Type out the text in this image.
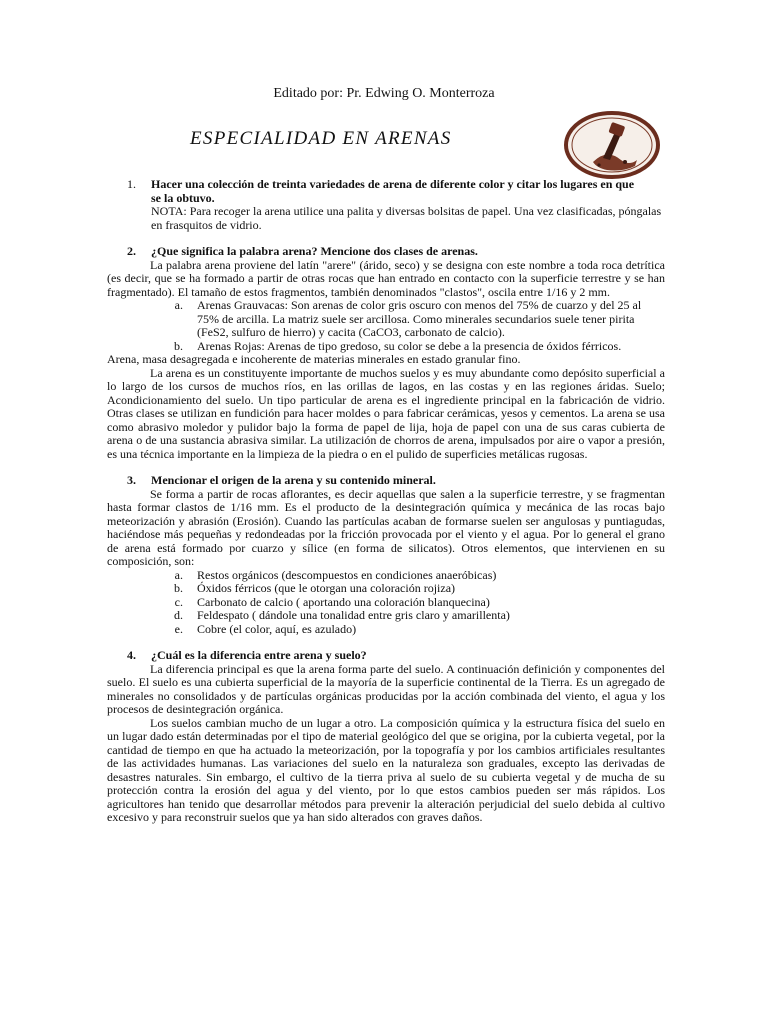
Editado por: Pr. Edwing O. Monterroza
ESPECIALIDAD EN ARENAS
1.	Hacer una colección de treinta variedades de arena de diferente color y citar los lugares en que se la obtuvo.
NOTA: Para recoger la arena utilice una palita y diversas bolsitas de papel. Una vez clasificadas, póngalas en frasquitos de vidrio.
2.	¿Que significa la palabra arena? Mencione dos clases de arenas.
La palabra arena proviene del latín "arere" (árido, seco) y se designa con este nombre a toda roca detrítica (es decir, que se ha formado a partir de otras rocas que han entrado en contacto con la superficie terrestre y se han fragmentado). El tamaño de estos fragmentos, también denominados "clastos", oscila entre 1/16 y 2 mm.
a.	Arenas Grauvacas: Son arenas de color gris oscuro con menos del 75% de cuarzo y del 25 al 75% de arcilla. La matriz suele ser arcillosa. Como minerales secundarios suele tener pirita (FeS2, sulfuro de hierro) y cacita (CaCO3, carbonato de calcio).
b.	Arenas Rojas: Arenas de tipo gredoso, su color se debe a la presencia de óxidos férricos.
Arena, masa desagregada e incoherente de materias minerales en estado granular fino.
La arena es un constituyente importante de muchos suelos y es muy abundante como depósito superficial a lo largo de los cursos de muchos ríos, en las orillas de lagos, en las costas y en las regiones áridas. Suelo; Acondicionamiento del suelo. Un tipo particular de arena es el ingrediente principal en la fabricación de vidrio. Otras clases se utilizan en fundición para hacer moldes o para fabricar cerámicas, yesos y cementos. La arena se usa como abrasivo moledor y pulidor bajo la forma de papel de lija, hoja de papel con una de sus caras cubierta de arena o de una sustancia abrasiva similar. La utilización de chorros de arena, impulsados por aire o vapor a presión, es una técnica importante en la limpieza de la piedra o en el pulido de superficies metálicas rugosas.
3.	Mencionar el origen de la arena y su contenido mineral.
Se forma a partir de rocas aflorantes, es decir aquellas que salen a la superficie terrestre, y se fragmentan hasta formar clastos de 1/16 mm. Es el producto de la desintegración química y mecánica de las rocas bajo meteorización y abrasión (Erosión). Cuando las partículas acaban de formarse suelen ser angulosas y puntiagudas, haciéndose más pequeñas y redondeadas por la fricción provocada por el viento y el agua. Por lo general el grano de arena está formado por cuarzo y sílice (en forma de silicatos). Otros elementos, que intervienen en su composición, son:
a.	Restos orgánicos (descompuestos en condiciones anaeróbicas)
b.	Óxidos férricos (que le otorgan una coloración rojiza)
c.	Carbonato de calcio ( aportando una coloración blanquecina)
d.	Feldespato ( dándole una tonalidad entre gris claro y amarillenta)
e.	Cobre (el color, aquí, es azulado)
4.	¿Cuál es la diferencia entre arena y suelo?
La diferencia principal es que la arena forma parte del suelo. A continuación definición y componentes del suelo. El suelo es una cubierta superficial de la mayoría de la superficie continental de la Tierra. Es un agregado de minerales no consolidados y de partículas orgánicas producidas por la acción combinada del viento, el agua y los procesos de desintegración orgánica.
Los suelos cambian mucho de un lugar a otro. La composición química y la estructura física del suelo en un lugar dado están determinadas por el tipo de material geológico del que se origina, por la cubierta vegetal, por la cantidad de tiempo en que ha actuado la meteorización, por la topografía y por los cambios artificiales resultantes de las actividades humanas. Las variaciones del suelo en la naturaleza son graduales, excepto las derivadas de desastres naturales. Sin embargo, el cultivo de la tierra priva al suelo de su cubierta vegetal y de mucha de su protección contra la erosión del agua y del viento, por lo que estos cambios pueden ser más rápidos. Los agricultores han tenido que desarrollar métodos para prevenir la alteración perjudicial del suelo debida al cultivo excesivo y para reconstruir suelos que ya han sido alterados con graves daños.
